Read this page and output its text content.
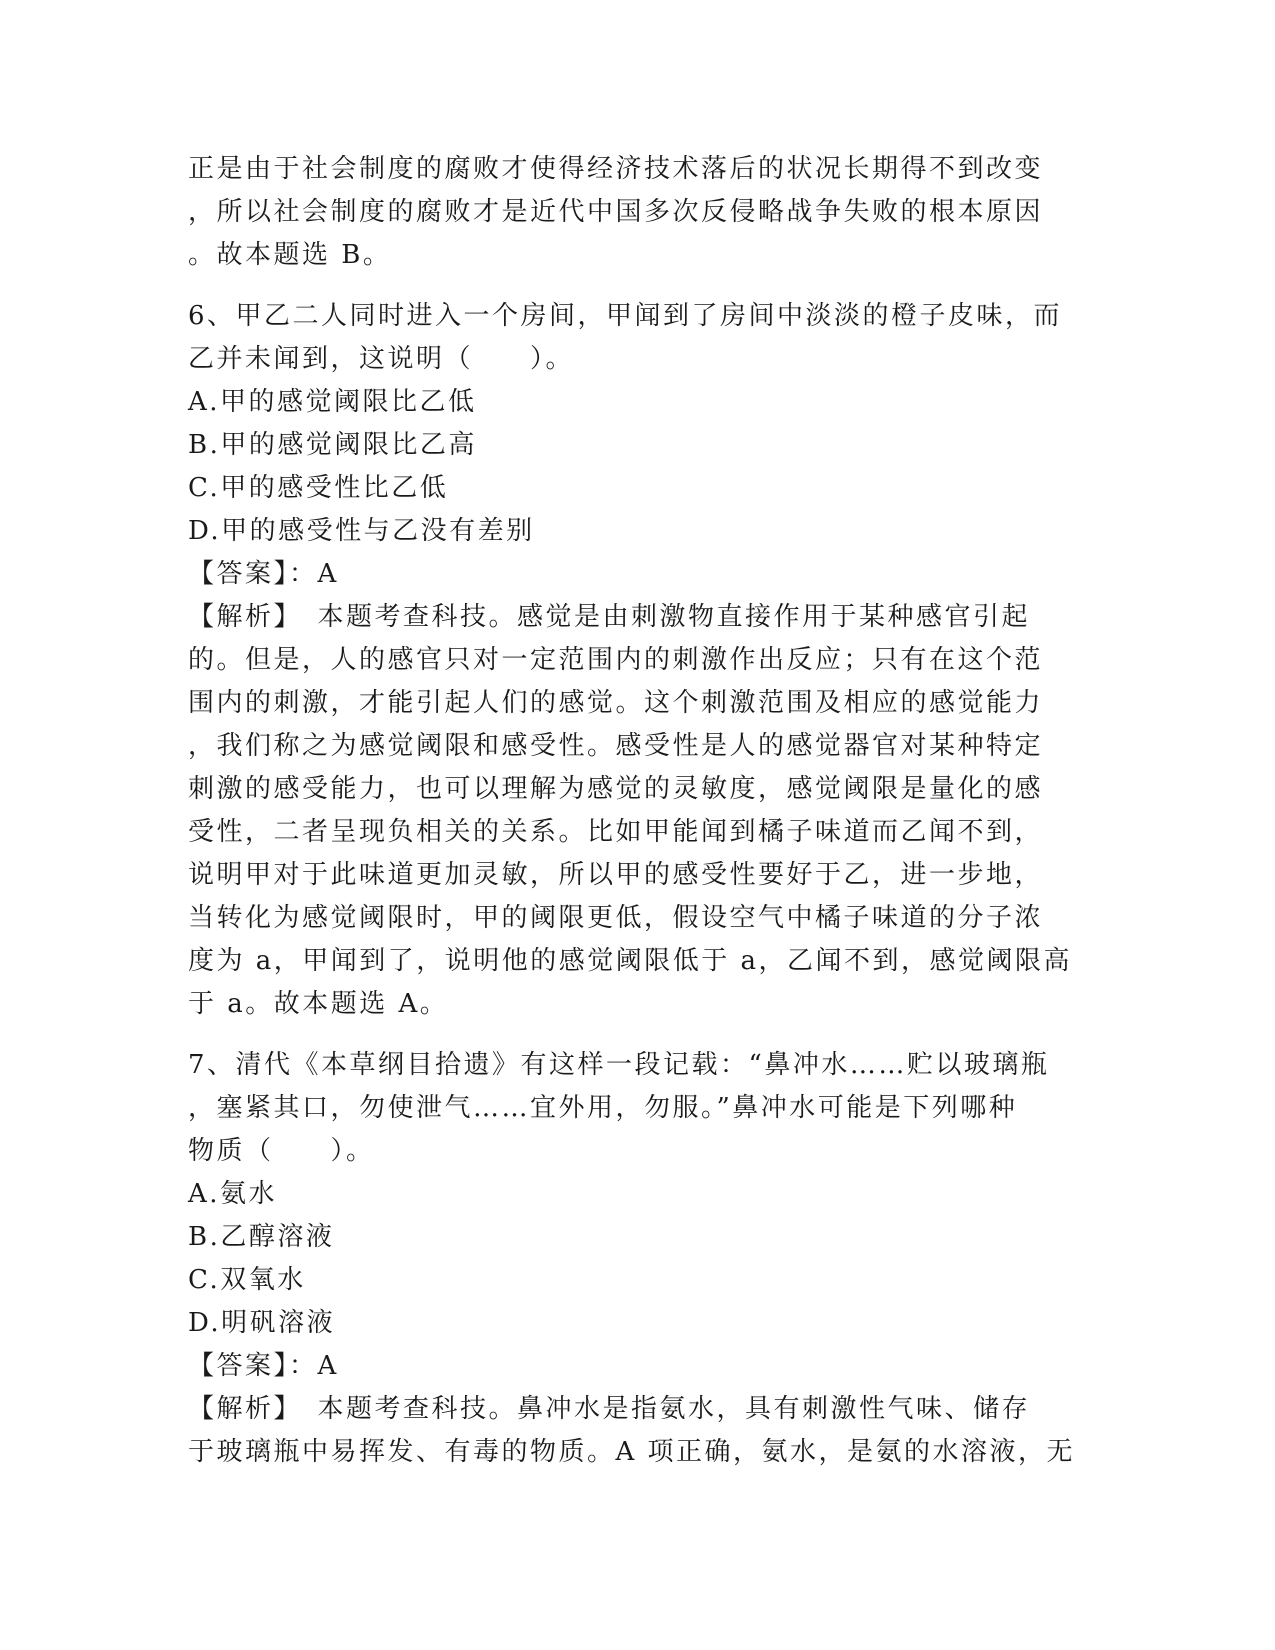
正是由于社会制度的腐败才使得经济技术落后的状况长期得不到改变
，所以社会制度的腐败才是近代中国多次反侵略战争失败的根本原因
。故本题选 B。
6、甲乙二人同时进入一个房间，甲闻到了房间中淡淡的橙子皮味，而
乙并未闻到，这说明（　　）。
A.甲的感觉阈限比乙低
B.甲的感觉阈限比乙高
C.甲的感受性比乙低
D.甲的感受性与乙没有差别
【答案】：A
【解析】　本题考查科技。感觉是由刺激物直接作用于某种感官引起
的。但是，人的感官只对一定范围内的刺激作出反应；只有在这个范
围内的刺激，才能引起人们的感觉。这个刺激范围及相应的感觉能力
，我们称之为感觉阈限和感受性。感受性是人的感觉器官对某种特定
刺激的感受能力，也可以理解为感觉的灵敏度，感觉阈限是量化的感
受性，二者呈现负相关的关系。比如甲能闻到橘子味道而乙闻不到，
说明甲对于此味道更加灵敏，所以甲的感受性要好于乙，进一步地，
当转化为感觉阈限时，甲的阈限更低，假设空气中橘子味道的分子浓
度为 a，甲闻到了，说明他的感觉阈限低于 a，乙闻不到，感觉阈限高
于 a。故本题选 A。
7、清代《本草纲目拾遗》有这样一段记载：“鼻冲水……贮以玻璃瓶
，塞紧其口，勿使泄气……宜外用，勿服。”鼻冲水可能是下列哪种
物质（　　）。
A.氨水
B.乙醇溶液
C.双氧水
D.明矾溶液
【答案】：A
【解析】　本题考查科技。鼻冲水是指氨水，具有刺激性气味、储存
于玻璃瓶中易挥发、有毒的物质。A 项正确，氨水，是氨的水溶液，无
